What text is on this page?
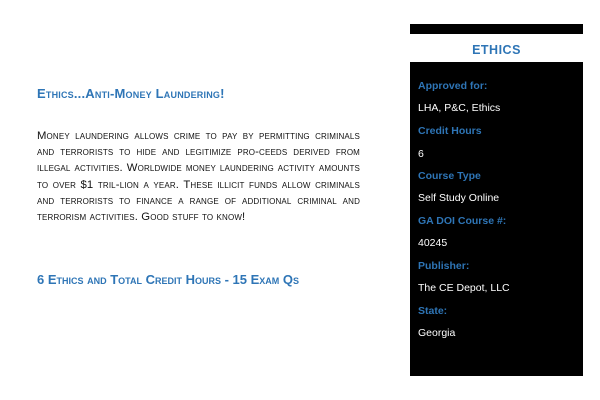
Ethics...Anti-Money Laundering!

Money laundering allows crime to pay by permitting criminals and terrorists to hide and legitimize pro-ceeds derived from illegal activities. Worldwide money laundering activity amounts to over $1 tril-lion a year. These illicit funds allow criminals and terrorists to finance a range of additional criminal and terrorism activities. Good stuff to know!

6 Ethics and Total Credit Hours - 15 Exam Qs

ETHICS
Approved for:
LHA, P&C, Ethics
Credit Hours
6
Course Type
Self Study Online
GA DOI Course #:
40245
Publisher:
The CE Depot, LLC
State:
Georgia
